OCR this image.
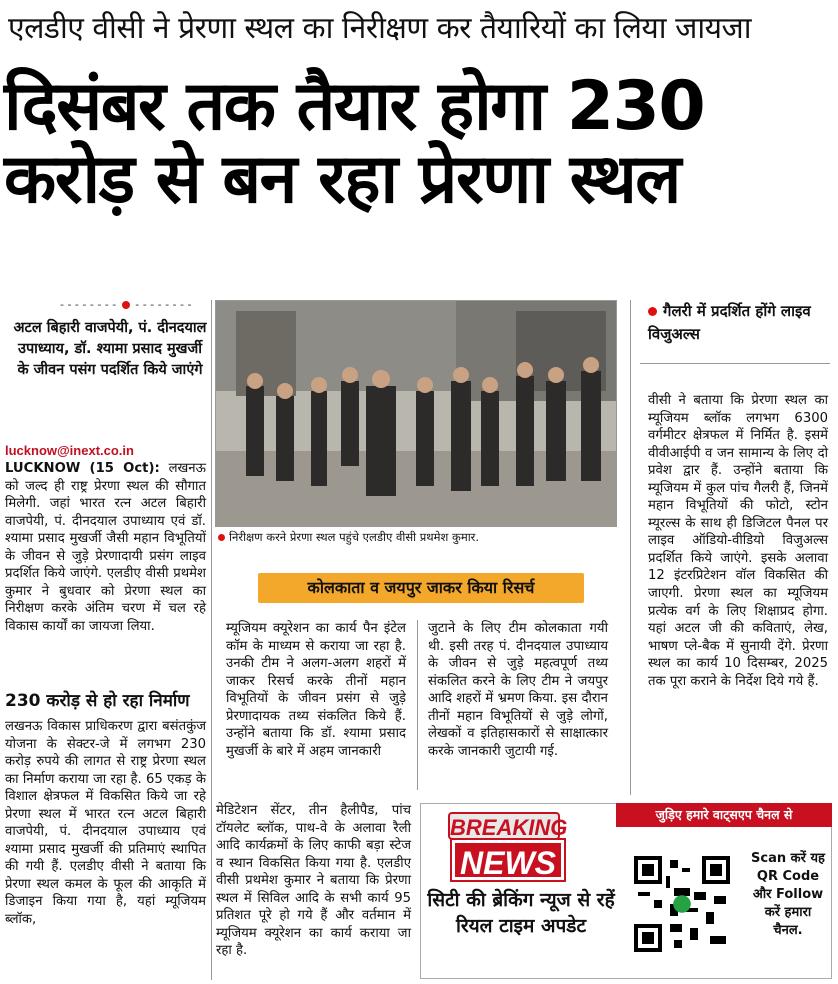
एलडीए वीसी ने प्रेरणा स्थल का निरीक्षण कर तैयारियों का लिया जायजा
दिसंबर तक तैयार होगा 230 करोड़ से बन रहा प्रेरणा स्थल
- - - - - - - -  - - - - - - - -
अटल बिहारी वाजपेयी, पं. दीनदयाल उपाध्याय, डॉ. श्यामा प्रसाद मुखर्जी के जीवन पसंग पदर्शित किये जाएंगे
lucknow@inext.co.in
LUCKNOW (15 Oct): लखनऊ को जल्द ही राष्ट्र प्रेरणा स्थल की सौगात मिलेगी. जहां भारत रत्न अटल बिहारी वाजपेयी, पं. दीनदयाल उपाध्याय एवं डॉ. श्यामा प्रसाद मुखर्जी जैसी महान विभूतियों के जीवन से जुड़े प्रेरणादायी प्रसंग लाइव प्रदर्शित किये जाएंगे. एलडीए वीसी प्रथमेश कुमार ने बुधवार को प्रेरणा स्थल का निरीक्षण करके अंतिम चरण में चल रहे विकास कार्यों का जायजा लिया.
230 करोड़ से हो रहा निर्माण
लखनऊ विकास प्राधिकरण द्वारा बसंतकुंज योजना के सेक्टर-जे में लगभग 230 करोड़ रुपये की लागत से राष्ट्र प्रेरणा स्थल का निर्माण कराया जा रहा है. 65 एकड़ के विशाल क्षेत्रफल में विकसित किये जा रहे प्रेरणा स्थल में भारत रत्न अटल बिहारी वाजपेयी, पं. दीनदयाल उपाध्याय एवं श्यामा प्रसाद मुखर्जी की प्रतिमाएं स्थापित की गयी हैं. एलडीए वीसी ने बताया कि प्रेरणा स्थल कमल के फूल की आकृति में डिजाइन किया गया है, यहां म्यूजियम ब्लॉक,
निरीक्षण करने प्रेरणा स्थल पहुंचे एलडीए वीसी प्रथमेश कुमार.
कोलकाता व जयपुर जाकर किया रिसर्च
म्यूजियम क्यूरेशन का कार्य पैन इंटेल कॉम के माध्यम से कराया जा रहा है. उनकी टीम ने अलग-अलग शहरों में जाकर रिसर्च करके तीनों महान विभूतियों के जीवन प्रसंग से जुड़े प्रेरणादायक तथ्य संकलित किये हैं. उन्होंने बताया कि डॉ. श्यामा प्रसाद मुखर्जी के बारे में अहम जानकारी
जुटाने के लिए टीम कोलकाता गयी थी. इसी तरह पं. दीनदयाल उपाध्याय के जीवन से जुड़े महत्वपूर्ण तथ्य संकलित करने के लिए टीम ने जयपुर आदि शहरों में भ्रमण किया. इस दौरान तीनों महान विभूतियों से जुड़े लोगों, लेखकों व इतिहासकारों से साक्षात्कार करके जानकारी जुटायी गई.
मेडिटेशन सेंटर, तीन हैलीपैड, पांच टॉयलेट ब्लॉक, पाथ-वे के अलावा रैली आदि कार्यक्रमों के लिए काफी बड़ा स्टेज व स्थान विकसित किया गया है. एलडीए वीसी प्रथमेश कुमार ने बताया कि प्रेरणा स्थल में सिविल आदि के सभी कार्य 95 प्रतिशत पूरे हो गये हैं और वर्तमान में म्यूजियम क्यूरेशन का कार्य कराया जा रहा है.
गैलरी में प्रदर्शित होंगे लाइव विजुअल्स
वीसी ने बताया कि प्रेरणा स्थल का म्यूजियम ब्लॉक लगभग 6300 वर्गमीटर क्षेत्रफल में निर्मित है. इसमें वीवीआईपी व जन सामान्य के लिए दो प्रवेश द्वार हैं. उन्होंने बताया कि म्यूजियम में कुल पांच गैलरी हैं, जिनमें महान विभूतियों की फोटो, स्टोन म्यूरल्स के साथ ही डिजिटल पैनल पर लाइव ऑडियो-वीडियो विजुअल्स प्रदर्शित किये जाएंगे. इसके अलावा 12 इंटरप्रिटेशन वॉल विकसित की जाएगी. प्रेरणा स्थल का म्यूजियम प्रत्येक वर्ग के लिए शिक्षाप्रद होगा. यहां अटल जी की कविताएं, लेख, भाषण प्ले-बैक में सुनायी देंगे. प्रेरणा स्थल का कार्य 10 दिसम्बर, 2025 तक पूरा कराने के निर्देश दिये गये हैं.
जुड़िए हमारे वाट्सएप चैनल से
BREAKING
NEWS
सिटी की ब्रेकिंग न्यूज से रहें रियल टाइम अपडेट
Scan करें यह QR Code और Follow करें हमारा चैनल.
